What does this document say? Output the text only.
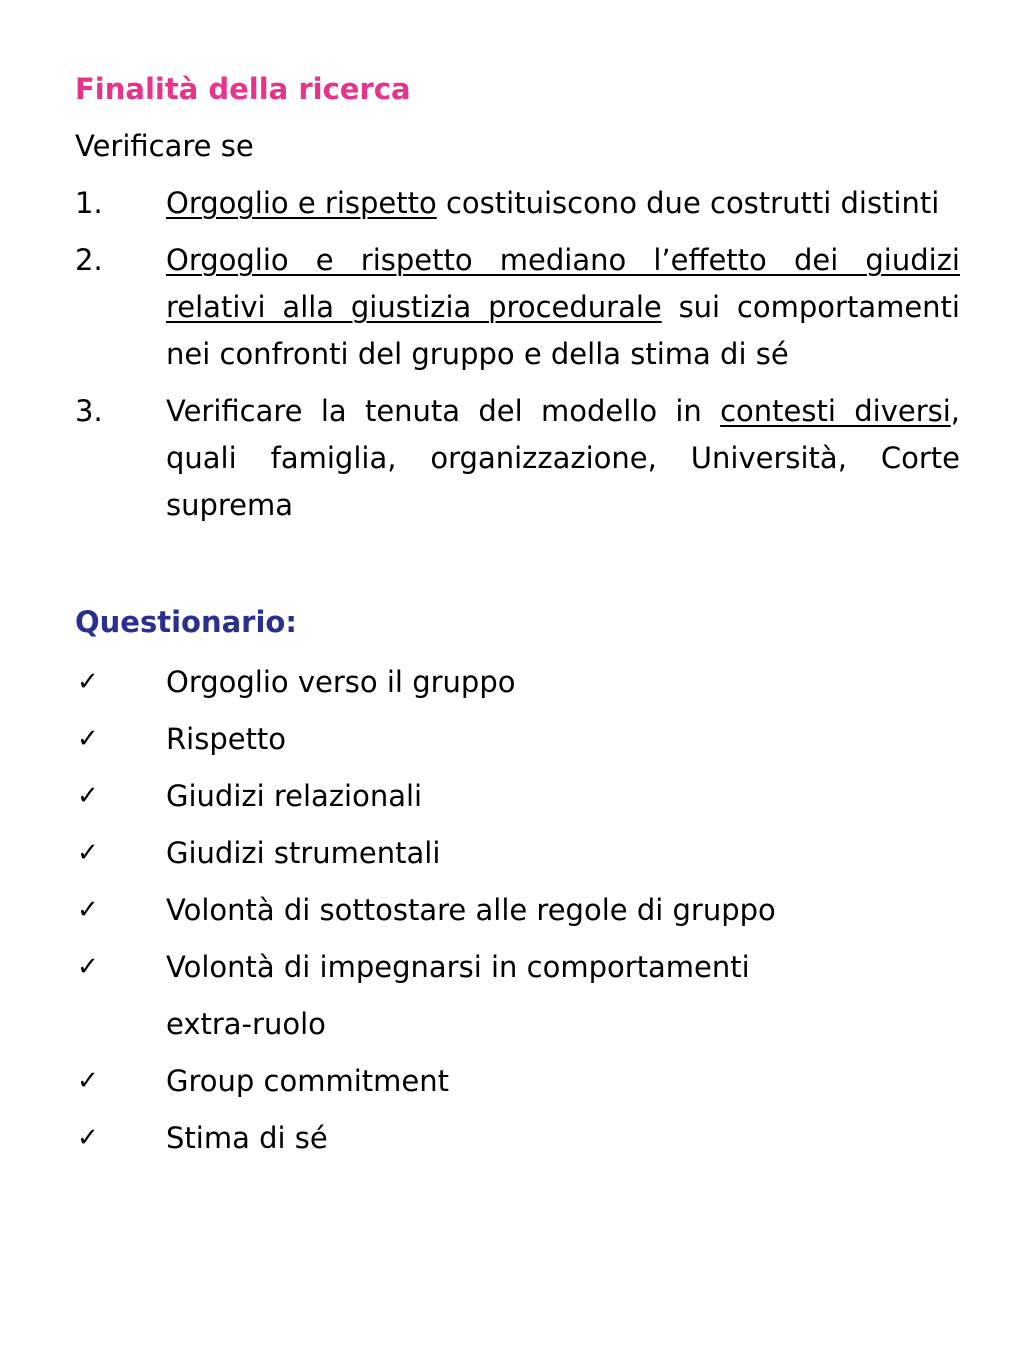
Finalità della ricerca

Verificare se

1.	Orgoglio e rispetto costituiscono due costrutti distinti
2.	Orgoglio e rispetto mediano l’effetto dei giudizi relativi alla giustizia procedurale sui comportamenti nei confronti del gruppo e della stima di sé
3.	Verificare la tenuta del modello in contesti diversi, quali famiglia, organizzazione, Università, Corte suprema

Questionario:

✓	Orgoglio verso il gruppo
✓	Rispetto
✓	Giudizi relazionali
✓	Giudizi strumentali
✓	Volontà di sottostare alle regole di gruppo
✓	Volontà di impegnarsi in comportamenti extra-ruolo
✓	Group commitment
✓	Stima di sé
